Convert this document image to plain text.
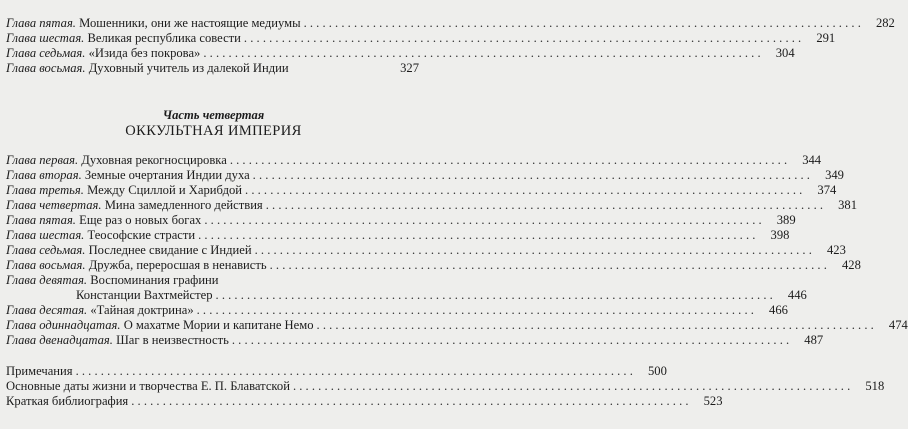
Глава пятая. Мошенники, они же настоящие медиумы . . .	282
Глава шестая. Великая республика совести . . .	291
Глава седьмая. «Изида без покрова» . . .	304
Глава восьмая. Духовный учитель из далекой Индии	327
Часть четвертая
ОККУЛЬТНАЯ ИМПЕРИЯ
Глава первая. Духовная рекогносцировка . . .	344
Глава вторая. Земные очертания Индии духа . . .	349
Глава третья. Между Сциллой и Харибдой . . .	374
Глава четвертая. Мина замедленного действия . . .	381
Глава пятая. Еще раз о новых богах . . .	389
Глава шестая. Теософские страсти . . .	398
Глава седьмая. Последнее свидание с Индией . . .	423
Глава восьмая. Дружба, переросшая в ненависть . . .	428
Глава девятая. Воспоминания графини
Констанции Вахтмейстер . . .	446
Глава десятая. «Тайная доктрина» . . .	466
Глава одиннадцатая. О махатме Мории и капитане Немо . . .	474
Глава двенадцатая. Шаг в неизвестность . . .	487
Примечания . . .	500
Основные даты жизни и творчества Е. П. Блаватской . . .	518
Краткая библиография . . .	523
